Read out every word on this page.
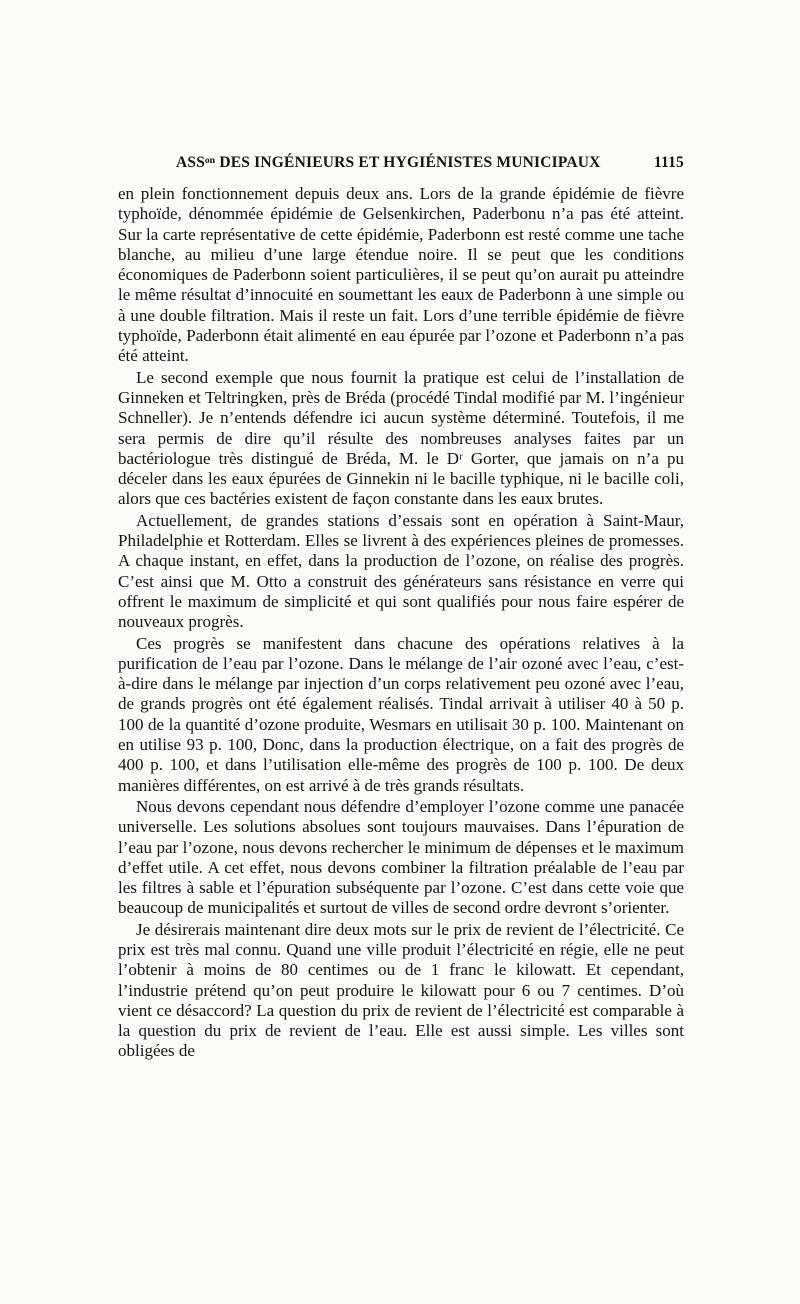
ASSᵒⁿ DES INGÉNIEURS ET HYGIÉNISTES MUNICIPAUX	1115

en plein fonctionnement depuis deux ans. Lors de la grande épidémie de fièvre typhoïde, dénommée épidémie de Gelsenkirchen, Paderbonu n’a pas été atteint. Sur la carte représentative de cette épidémie, Paderbonn est resté comme une tache blanche, au milieu d’une large étendue noire. Il se peut que les conditions économiques de Paderbonn soient particulières, il se peut qu’on aurait pu atteindre le même résultat d’innocuité en soumettant les eaux de Paderbonn à une simple ou à une double filtration. Mais il reste un fait. Lors d’une terrible épidémie de fièvre typhoïde, Paderbonn était alimenté en eau épurée par l’ozone et Paderbonn n’a pas été atteint.

Le second exemple que nous fournit la pratique est celui de l’installation de Ginneken et Teltringken, près de Bréda (procédé Tindal modifié par M. l’ingénieur Schneller). Je n’entends défendre ici aucun système déterminé. Toutefois, il me sera permis de dire qu’il résulte des nombreuses analyses faites par un bactériologue très distingué de Bréda, M. le Dʳ Gorter, que jamais on n’a pu déceler dans les eaux épurées de Ginnekin ni le bacille typhique, ni le bacille coli, alors que ces bactéries existent de façon constante dans les eaux brutes.

Actuellement, de grandes stations d’essais sont en opération à Saint-Maur, Philadelphie et Rotterdam. Elles se livrent à des expériences pleines de promesses. A chaque instant, en effet, dans la production de l’ozone, on réalise des progrès. C’est ainsi que M. Otto a construit des générateurs sans résistance en verre qui offrent le maximum de simplicité et qui sont qualifiés pour nous faire espérer de nouveaux progrès.

Ces progrès se manifestent dans chacune des opérations relatives à la purification de l’eau par l’ozone. Dans le mélange de l’air ozoné avec l’eau, c’est-à-dire dans le mélange par injection d’un corps relativement peu ozoné avec l’eau, de grands progrès ont été également réalisés. Tindal arrivait à utiliser 40 à 50 p. 100 de la quantité d’ozone produite, Wesmars en utilisait 30 p. 100. Maintenant on en utilise 93 p. 100, Donc, dans la production électrique, on a fait des progrès de 400 p. 100, et dans l’utilisation elle-même des progrès de 100 p. 100. De deux manières différentes, on est arrivé à de très grands résultats.

Nous devons cependant nous défendre d’employer l’ozone comme une panacée universelle. Les solutions absolues sont toujours mauvaises. Dans l’épuration de l’eau par l’ozone, nous devons rechercher le minimum de dépenses et le maximum d’effet utile. A cet effet, nous devons combiner la filtration préalable de l’eau par les filtres à sable et l’épuration subséquente par l’ozone. C’est dans cette voie que beaucoup de municipalités et surtout de villes de second ordre devront s’orienter.

Je désirerais maintenant dire deux mots sur le prix de revient de l’électricité. Ce prix est très mal connu. Quand une ville produit l’électricité en régie, elle ne peut l’obtenir à moins de 80 centimes ou de 1 franc le kilowatt. Et cependant, l’industrie prétend qu’on peut produire le kilowatt pour 6 ou 7 centimes. D’où vient ce désaccord? La question du prix de revient de l’électricité est comparable à la question du prix de revient de l’eau. Elle est aussi simple. Les villes sont obligées de
